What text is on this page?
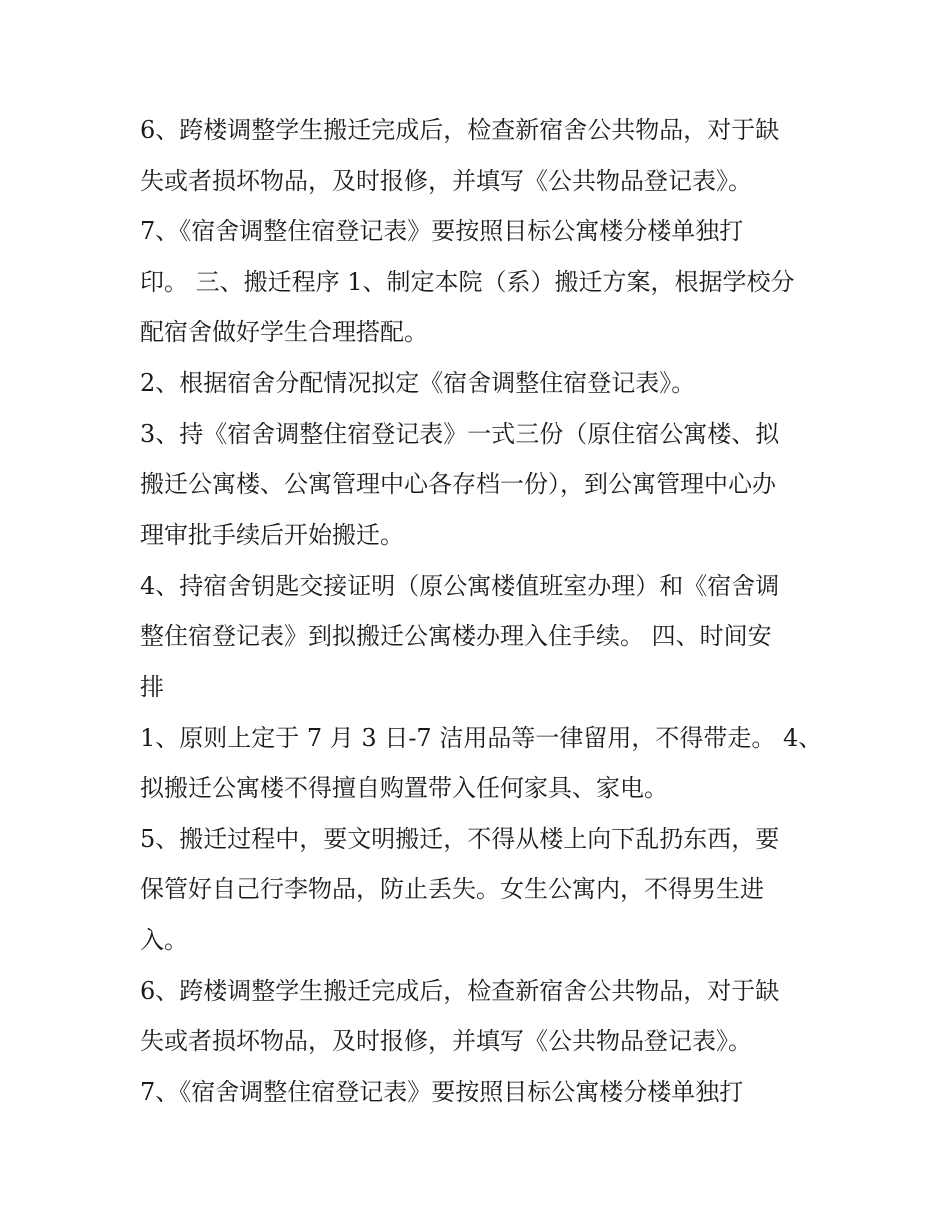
6、跨楼调整学生搬迁完成后，检查新宿舍公共物品，对于缺
失或者损坏物品，及时报修，并填写《公共物品登记表》。
7、《宿舍调整住宿登记表》要按照目标公寓楼分楼单独打
印。 三、搬迁程序 1、制定本院（系）搬迁方案，根据学校分
配宿舍做好学生合理搭配。
2、根据宿舍分配情况拟定《宿舍调整住宿登记表》。
3、持《宿舍调整住宿登记表》一式三份（原住宿公寓楼、拟
搬迁公寓楼、公寓管理中心各存档一份），到公寓管理中心办
理审批手续后开始搬迁。
4、持宿舍钥匙交接证明（原公寓楼值班室办理）和《宿舍调
整住宿登记表》到拟搬迁公寓楼办理入住手续。 四、时间安
排
1、原则上定于 7 月 3 日-7 洁用品等一律留用，不得带走。 4、
拟搬迁公寓楼不得擅自购置带入任何家具、家电。
5、搬迁过程中，要文明搬迁，不得从楼上向下乱扔东西，要
保管好自己行李物品，防止丢失。女生公寓内，不得男生进
入。
6、跨楼调整学生搬迁完成后，检查新宿舍公共物品，对于缺
失或者损坏物品，及时报修，并填写《公共物品登记表》。
7、《宿舍调整住宿登记表》要按照目标公寓楼分楼单独打
